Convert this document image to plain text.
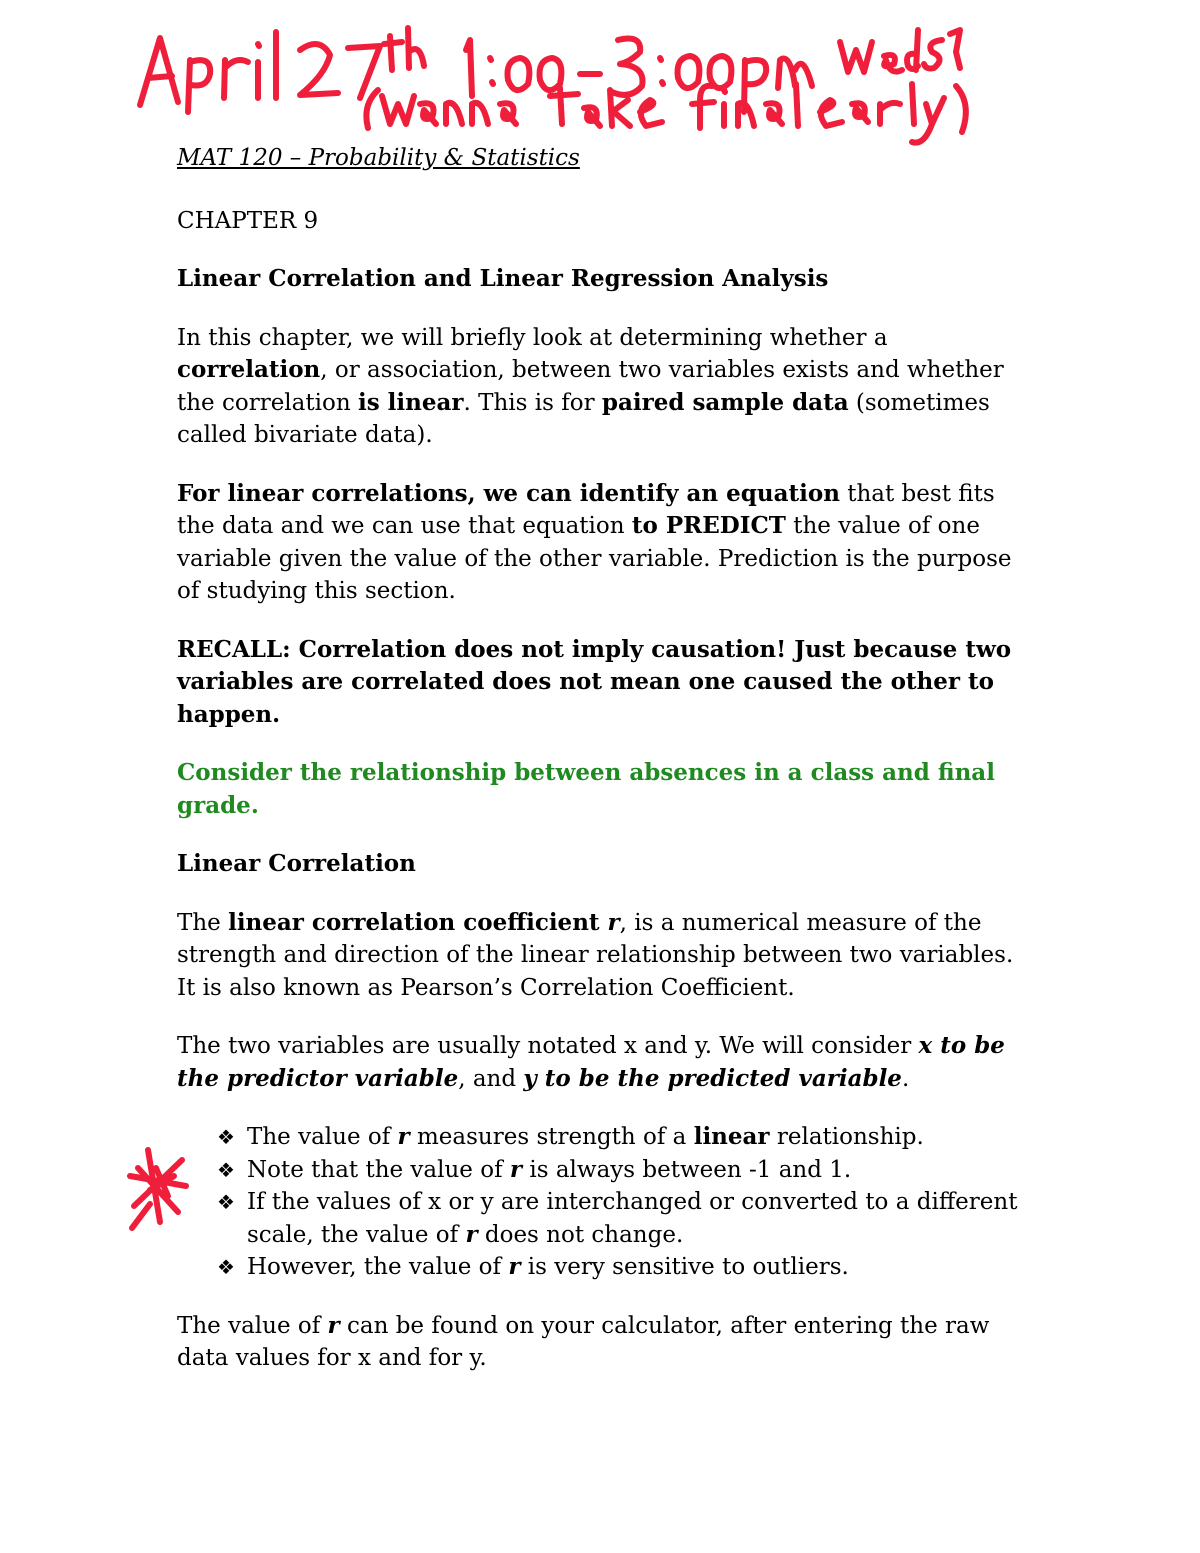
MAT 120 – Probability & Statistics

CHAPTER 9

Linear Correlation and Linear Regression Analysis

In this chapter, we will briefly look at determining whether a correlation, or association, between two variables exists and whether the correlation is linear. This is for paired sample data (sometimes called bivariate data).

For linear correlations, we can identify an equation that best fits the data and we can use that equation to PREDICT the value of one variable given the value of the other variable. Prediction is the purpose of studying this section.

RECALL: Correlation does not imply causation! Just because two variables are correlated does not mean one caused the other to happen.

Consider the relationship between absences in a class and final grade.

Linear Correlation

The linear correlation coefficient r, is a numerical measure of the strength and direction of the linear relationship between two variables. It is also known as Pearson’s Correlation Coefficient.

The two variables are usually notated x and y. We will consider x to be the predictor variable, and y to be the predicted variable.

❖ The value of r measures strength of a linear relationship.
❖ Note that the value of r is always between -1 and 1.
❖ If the values of x or y are interchanged or converted to a different scale, the value of r does not change.
❖ However, the value of r is very sensitive to outliers.

The value of r can be found on your calculator, after entering the raw data values for x and for y.
